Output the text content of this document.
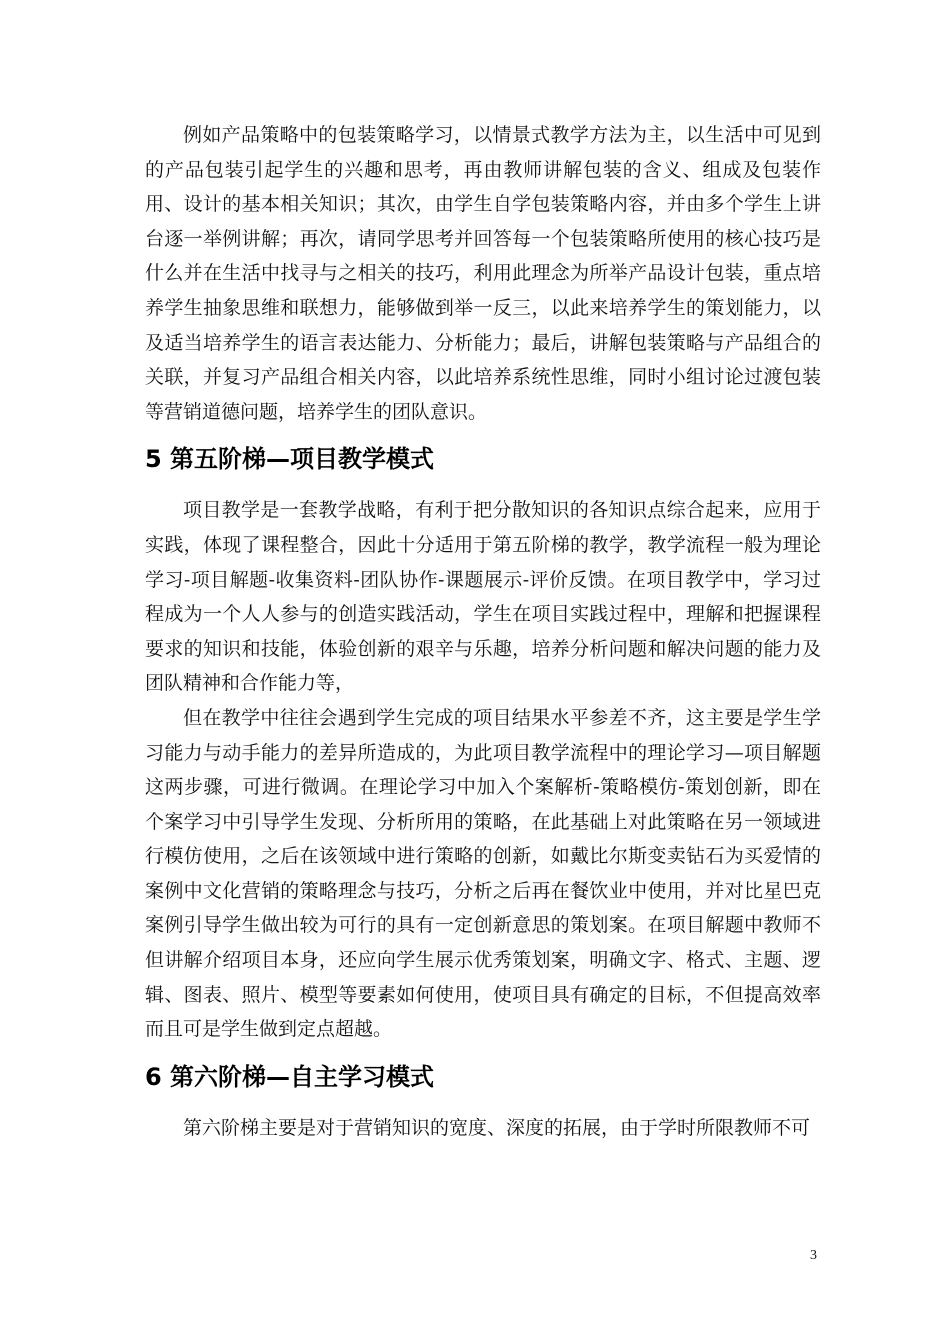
例如产品策略中的包装策略学习，以情景式教学方法为主，以生活中可见到的产品包装引起学生的兴趣和思考，再由教师讲解包装的含义、组成及包装作用、设计的基本相关知识；其次，由学生自学包装策略内容，并由多个学生上讲台逐一举例讲解；再次，请同学思考并回答每一个包装策略所使用的核心技巧是什么并在生活中找寻与之相关的技巧，利用此理念为所举产品设计包装，重点培养学生抽象思维和联想力，能够做到举一反三，以此来培养学生的策划能力，以及适当培养学生的语言表达能力、分析能力；最后，讲解包装策略与产品组合的关联，并复习产品组合相关内容，以此培养系统性思维，同时小组讨论过渡包装等营销道德问题，培养学生的团队意识。

5 第五阶梯—项目教学模式

项目教学是一套教学战略，有利于把分散知识的各知识点综合起来，应用于实践，体现了课程整合，因此十分适用于第五阶梯的教学，教学流程一般为理论学习-项目解题-收集资料-团队协作-课题展示-评价反馈。在项目教学中，学习过程成为一个人人参与的创造实践活动，学生在项目实践过程中，理解和把握课程要求的知识和技能，体验创新的艰辛与乐趣，培养分析问题和解决问题的能力及团队精神和合作能力等，

但在教学中往往会遇到学生完成的项目结果水平参差不齐，这主要是学生学习能力与动手能力的差异所造成的，为此项目教学流程中的理论学习—项目解题这两步骤，可进行微调。在理论学习中加入个案解析-策略模仿-策划创新，即在个案学习中引导学生发现、分析所用的策略，在此基础上对此策略在另一领域进行模仿使用，之后在该领域中进行策略的创新，如戴比尔斯变卖钻石为买爱情的案例中文化营销的策略理念与技巧，分析之后再在餐饮业中使用，并对比星巴克案例引导学生做出较为可行的具有一定创新意思的策划案。在项目解题中教师不但讲解介绍项目本身，还应向学生展示优秀策划案，明确文字、格式、主题、逻辑、图表、照片、模型等要素如何使用，使项目具有确定的目标，不但提高效率而且可是学生做到定点超越。

6 第六阶梯—自主学习模式

第六阶梯主要是对于营销知识的宽度、深度的拓展，由于学时所限教师不可

3
